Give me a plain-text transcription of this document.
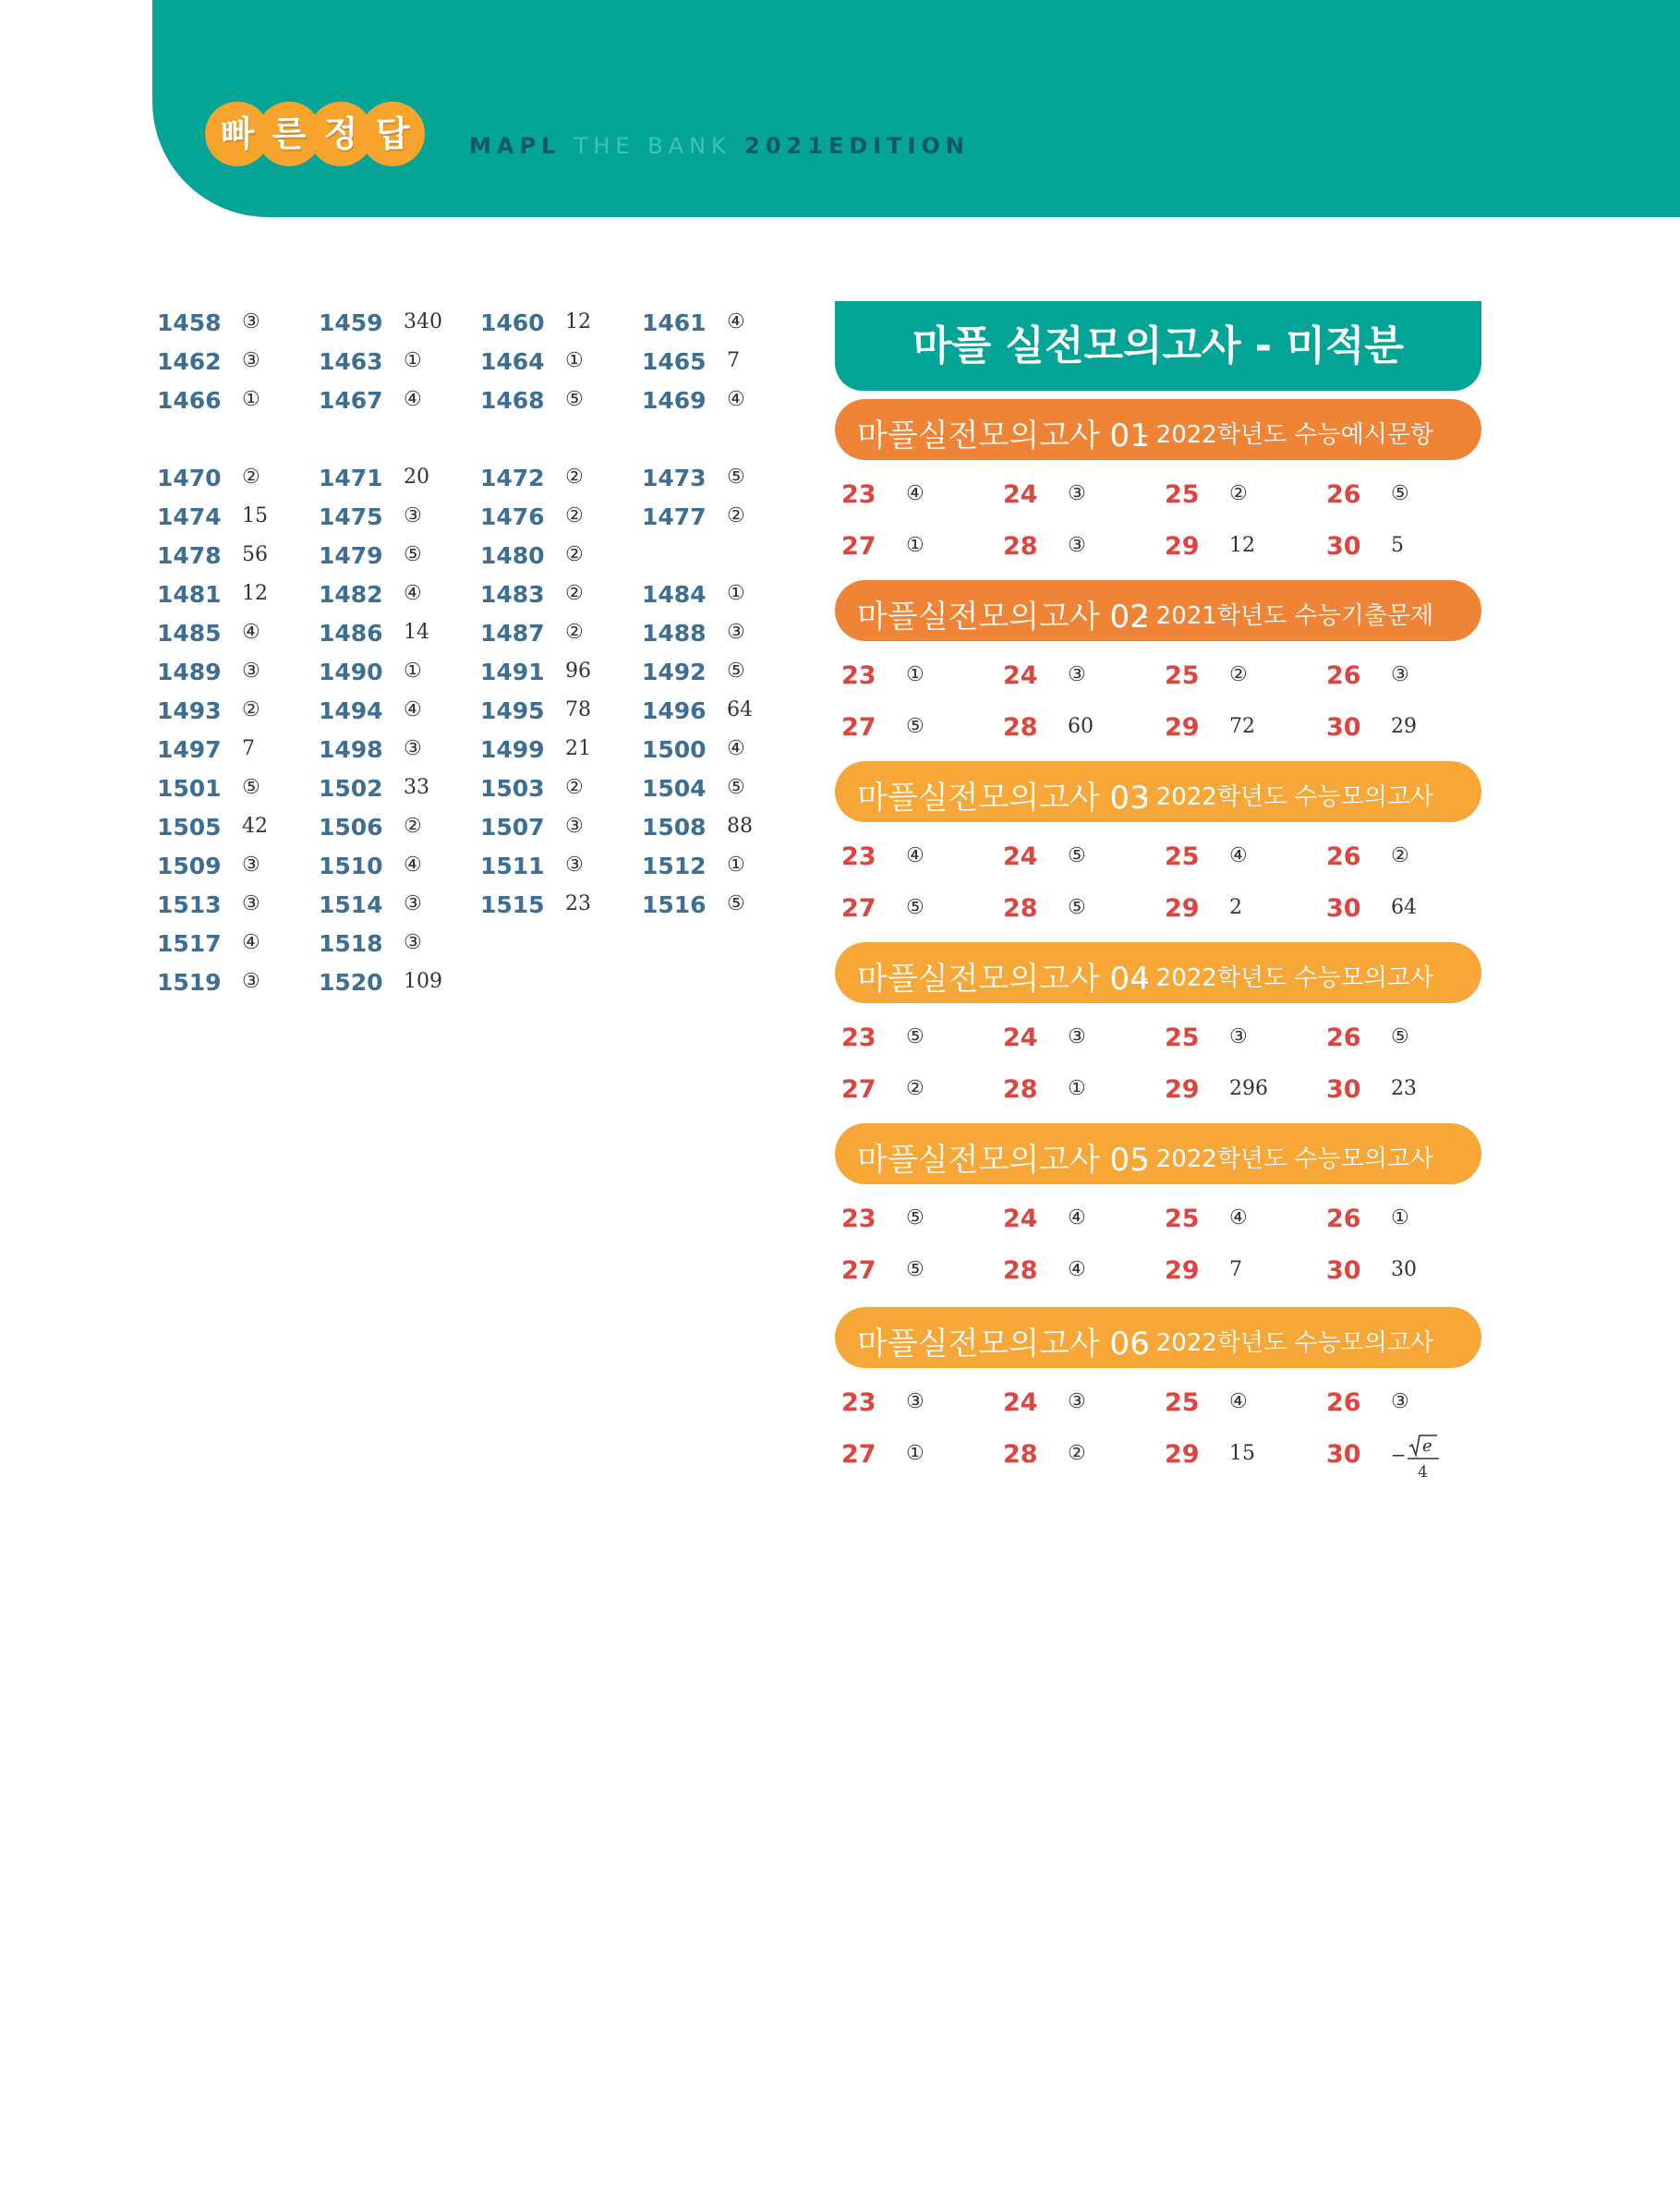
빠 른 정 답	MAPL THE BANK 2021EDITION
1458 ③	1459 340 1460 12 1461 ④
1462 ③	1463 ①	1464 ①	1465 7
1466 ①	1467 ④	1468 ⑤	1469 ④
1470 ②	1471 20 1472 ②	1473 ⑤
1474 15 1475 ③	1476 ②	1477 ②
1478 56 1479 ⑤	1480 ②
1481 12 1482 ④	1483 ②	1484 ①
1485 ④	1486 14 1487 ②	1488 ③
1489 ③	1490 ①	1491 96 1492 ⑤
1493 ②	1494 ④	1495 78 1496 64
1497 7	1498 ③	1499 21 1500 ④
1501 ⑤	1502 33 1503 ②	1504 ⑤
1505 42 1506 ②	1507 ③	1508 88
1509 ③	1510 ④	1511 ③	1512 ①
1513 ③	1514 ③	1515 23 1516 ⑤
1517 ④	1518 ③
1519 ③	1520 109
마플 실전모의고사 - 미적분
마플실전모의고사 01
- 2022학년도 수능예시문항
23 ④	24 ③	25 ②	26 ⑤
27 ①	28 ③	29 12	30 5
마플실전모의고사 02
- 2021학년도 수능기출문제
23 ①	24 ③	25 ②	26 ③
27 ⑤	28 60	29 72	30 29
마플실전모의고사 03
- 2022학년도 수능모의고사
23 ④	24 ⑤	25 ④	26 ②
27 ⑤	28 ⑤	29 2	30 64
마플실전모의고사 04
- 2022학년도 수능모의고사
23 ⑤	24 ③	25 ③	26 ⑤
27 ②	28 ①	29 296 30 23
마플실전모의고사 05
- 2022학년도 수능모의고사
23 ⑤	24 ④	25 ④	26 ①
27 ⑤	28 ④	29 7	30 30
마플실전모의고사 06
- 2022학년도 수능모의고사
23 ③	24 ③	25 ④	26 ③
27 ①	28 ②	29 15	30 − e
4
